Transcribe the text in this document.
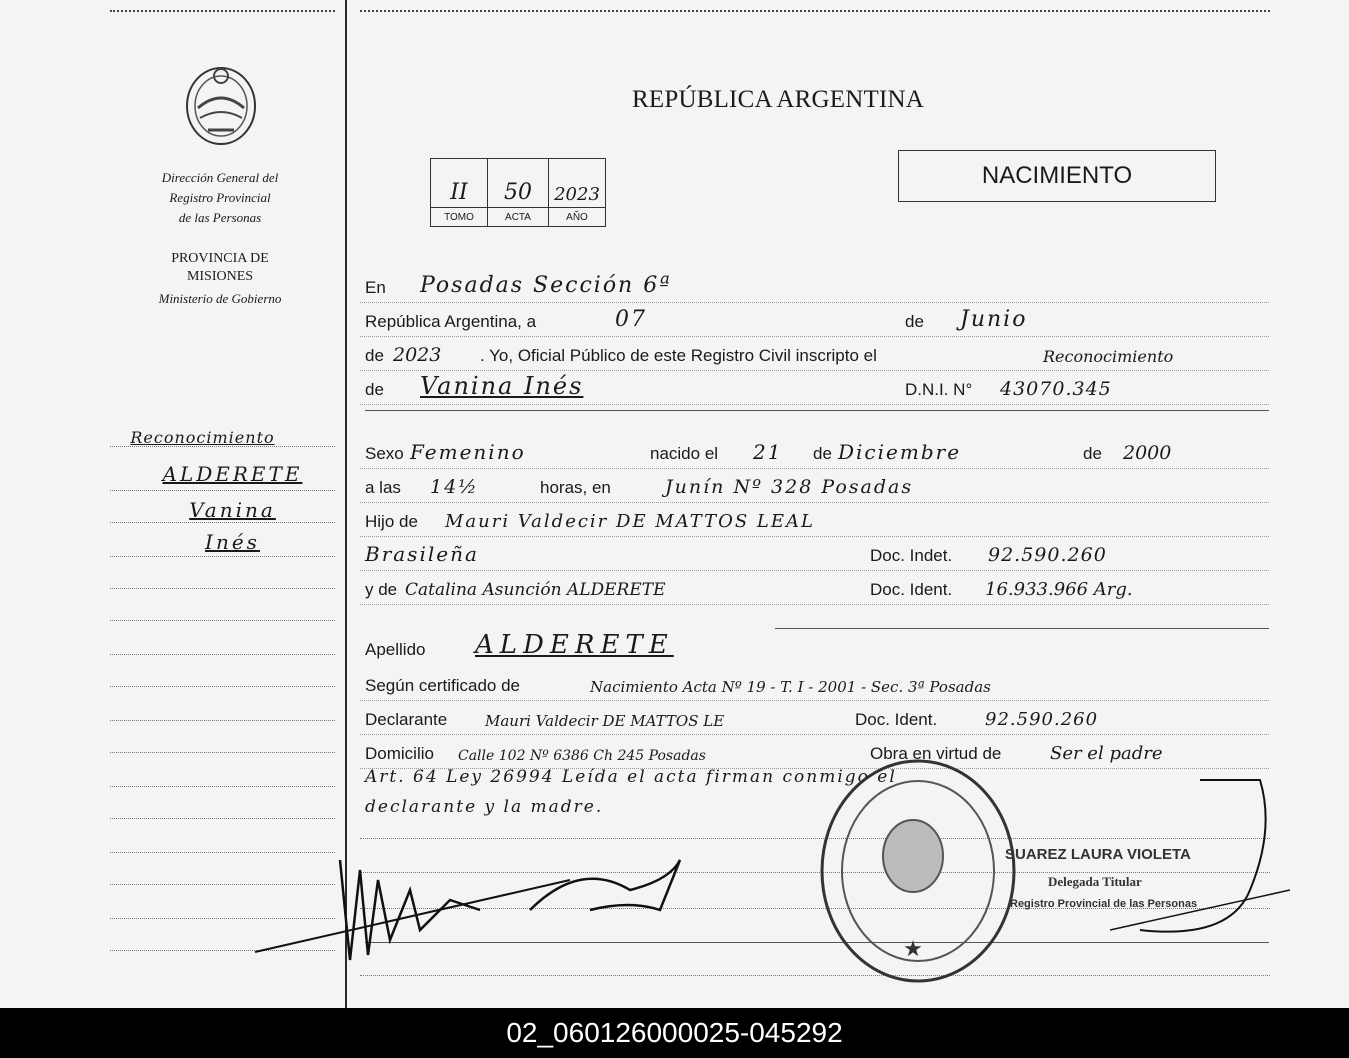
Dirección General del
Registro Provincial
de las Personas
PROVINCIA DE
MISIONES
Ministerio de Gobierno
Reconocimiento
ALDERETE
Vanina
Inés
REPÚBLICA ARGENTINA
II	50	2023
TOMO	ACTA	AÑO
NACIMIENTO
En Posadas Sección 6ª
República Argentina, a	07	de Junio
de 2023 . Yo, Oficial Público de este Registro Civil inscripto el	Reconocimiento
de Vanina Inés	D.N.I. N° 43070.345
Sexo Femenino	nacido el 21 de Diciembre	de 2000
a las 14½	horas, en	Junín Nº 328 Posadas
Hijo de Mauri Valdecir DE MATTOS LEAL
Brasileña	Doc. Indet. 92.590.260
y de Catalina Asunción ALDERETE	Doc. Ident. 16.933.966 Arg.
Apellido ALDERETE
Según certificado de	Nacimiento Acta Nº 19 - T. I - 2001 - Sec. 3ª Posadas
Declarante	Mauri Valdecir DE MATTOS LE	Doc. Ident.	92.590.260
Domicilio Calle 102 Nº 6386 Ch 245 Posadas	Obra en virtud de	Ser el padre
Art. 64 Ley 26994 Leída el acta firman conmigo el declarante y la madre.
★
SUAREZ LAURA VIOLETA
Delegada Titular
Registro Provincial de las Personas
02_060126000025-045292
